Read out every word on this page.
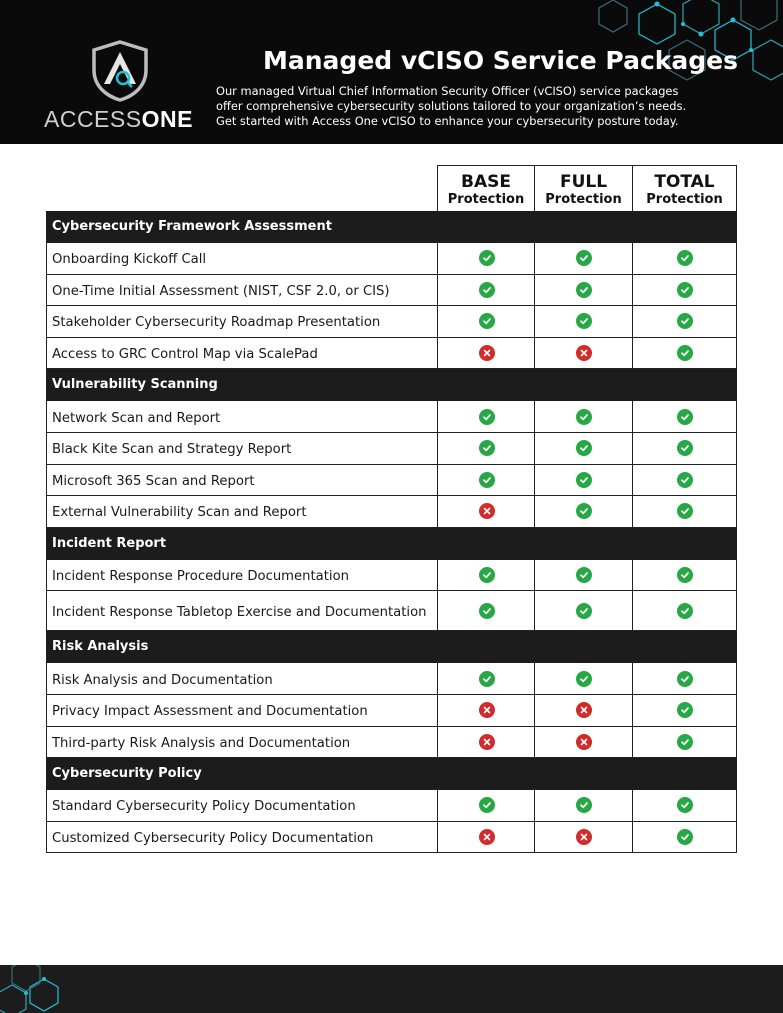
ACCESSONE
Managed vCISO Service Packages
Our managed Virtual Chief Information Security Officer (vCISO) service packages
offer comprehensive cybersecurity solutions tailored to your organization’s needs.
Get started with Access One vCISO to enhance your cybersecurity posture today.
BASE
Protection
FULL
Protection
TOTAL
Protection
Cybersecurity Framework Assessment
Onboarding Kickoff Call
One-Time Initial Assessment (NIST, CSF 2.0, or CIS)
Stakeholder Cybersecurity Roadmap Presentation
Access to GRC Control Map via ScalePad
Vulnerability Scanning
Network Scan and Report
Black Kite Scan and Strategy Report
Microsoft 365 Scan and Report
External Vulnerability Scan and Report
Incident Report
Incident Response Procedure Documentation
Incident Response Tabletop Exercise and Documentation
Risk Analysis
Risk Analysis and Documentation
Privacy Impact Assessment and Documentation
Third-party Risk Analysis and Documentation
Cybersecurity Policy
Standard Cybersecurity Policy Documentation
Customized Cybersecurity Policy Documentation
